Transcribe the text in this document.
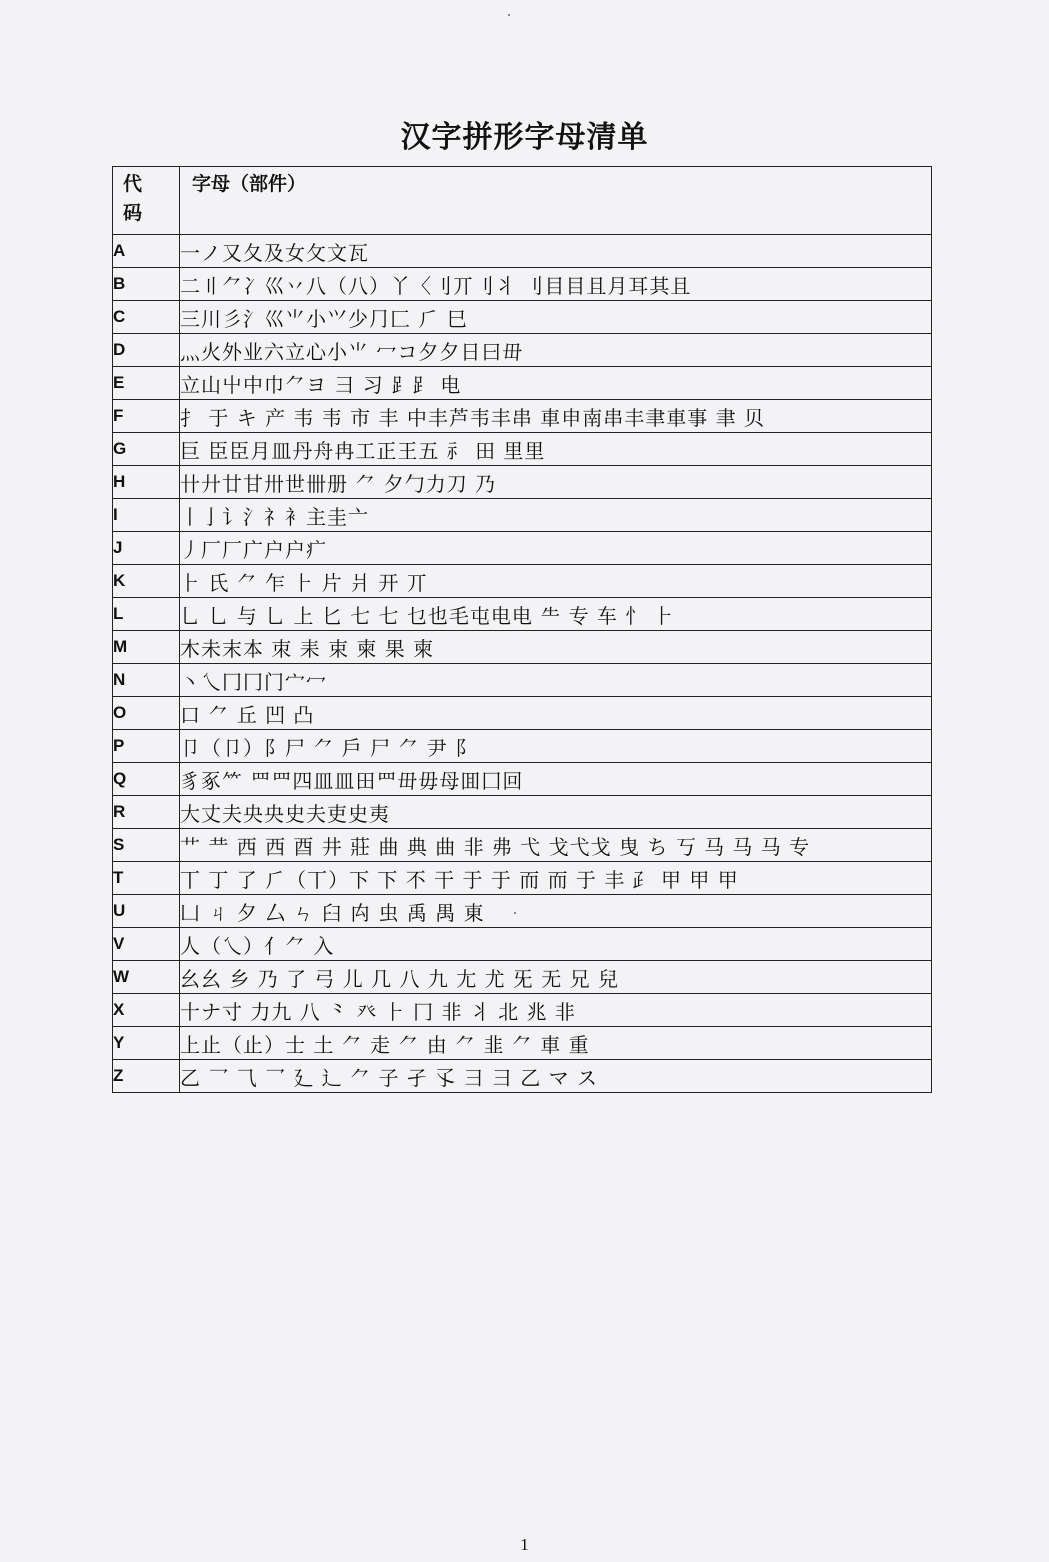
汉字拼形字母清单
代
码	字母（部件）
A	一ノ又夂及女攵文瓦
B	二〢⺈冫巛丷八（八）丫〈刂丌刂丬 刂目目且月耳其且
C	三川彡氵巛⺌小⺍少⺆匚 ⺁ 巳
D	灬火外业六立心小⺌ 冖コ夕夕日曰毌
E	立山屮中巾⺈ヨ ⺕ 习 ⻊⻊ 电
F	扌 于 キ 产 韦 韦 市 丰 中丰芦韦丰串 車申南串丰聿車事 聿 ⻉
G	巨 臣臣月皿丹舟冉工正王五 ⺬ 田 里里
H	卄廾廿甘卅世卌册 ⺈ 夕勹力刀 乃
I	丨亅讠氵礻衤主圭亠
J	丿厂厂广户户疒
K	⺊ 氏 ⺈ 乍 ⺊ 片 爿 开 丌
L	乚 乚 与 ⺃ 上 匕 七 七 乜也毛屯电电 ⺧ 专 车 忄 ⺊
M	木未末本 朿 耒 束 柬 果 柬
N	丶乀冂冂门宀冖
O	口 ⺈ 丘 凹 凸
P	卩（卩）阝尸 ⺈ 戶 尸 ⺈ 尹 ⻖
Q	豸豖⺮ 罒罒四皿皿田罒毌毋母囬囗回
R	大丈夫央央史夫吏史夷
S	艹 龷 西 西 酉 井 莊 曲 典 曲 非 弗 弋 戈弋戈 曳 ち 丂 马 马 马 专
T	丅 丁 了 ⺁（丅）下 下 不 干 于 于 而 而 于 丰 ⺪ 甲 甲 甲
U	凵 ㄐ 夕 厶 ㄣ 臼 禸 虫 禹 禺 東
V	人（乀）亻⺈ 入
W	幺幺 乡 乃 了 弓 儿 几 八 九 尢 尤 旡 无 兄 兒
X	十ナ寸 力九 八 ⺀ 癶 ⺊ 冂 非 丬 北 兆 非
Y	上止（止）士 土 ⺈ 走 ⺈ 由 ⺈ 韭 ⺈ 車 重
Z	乙 乛 ⺄ 乛 廴 辶 ⺈ 子 孑 孓 ⺕ ⺕ 乙 マ ス
1
